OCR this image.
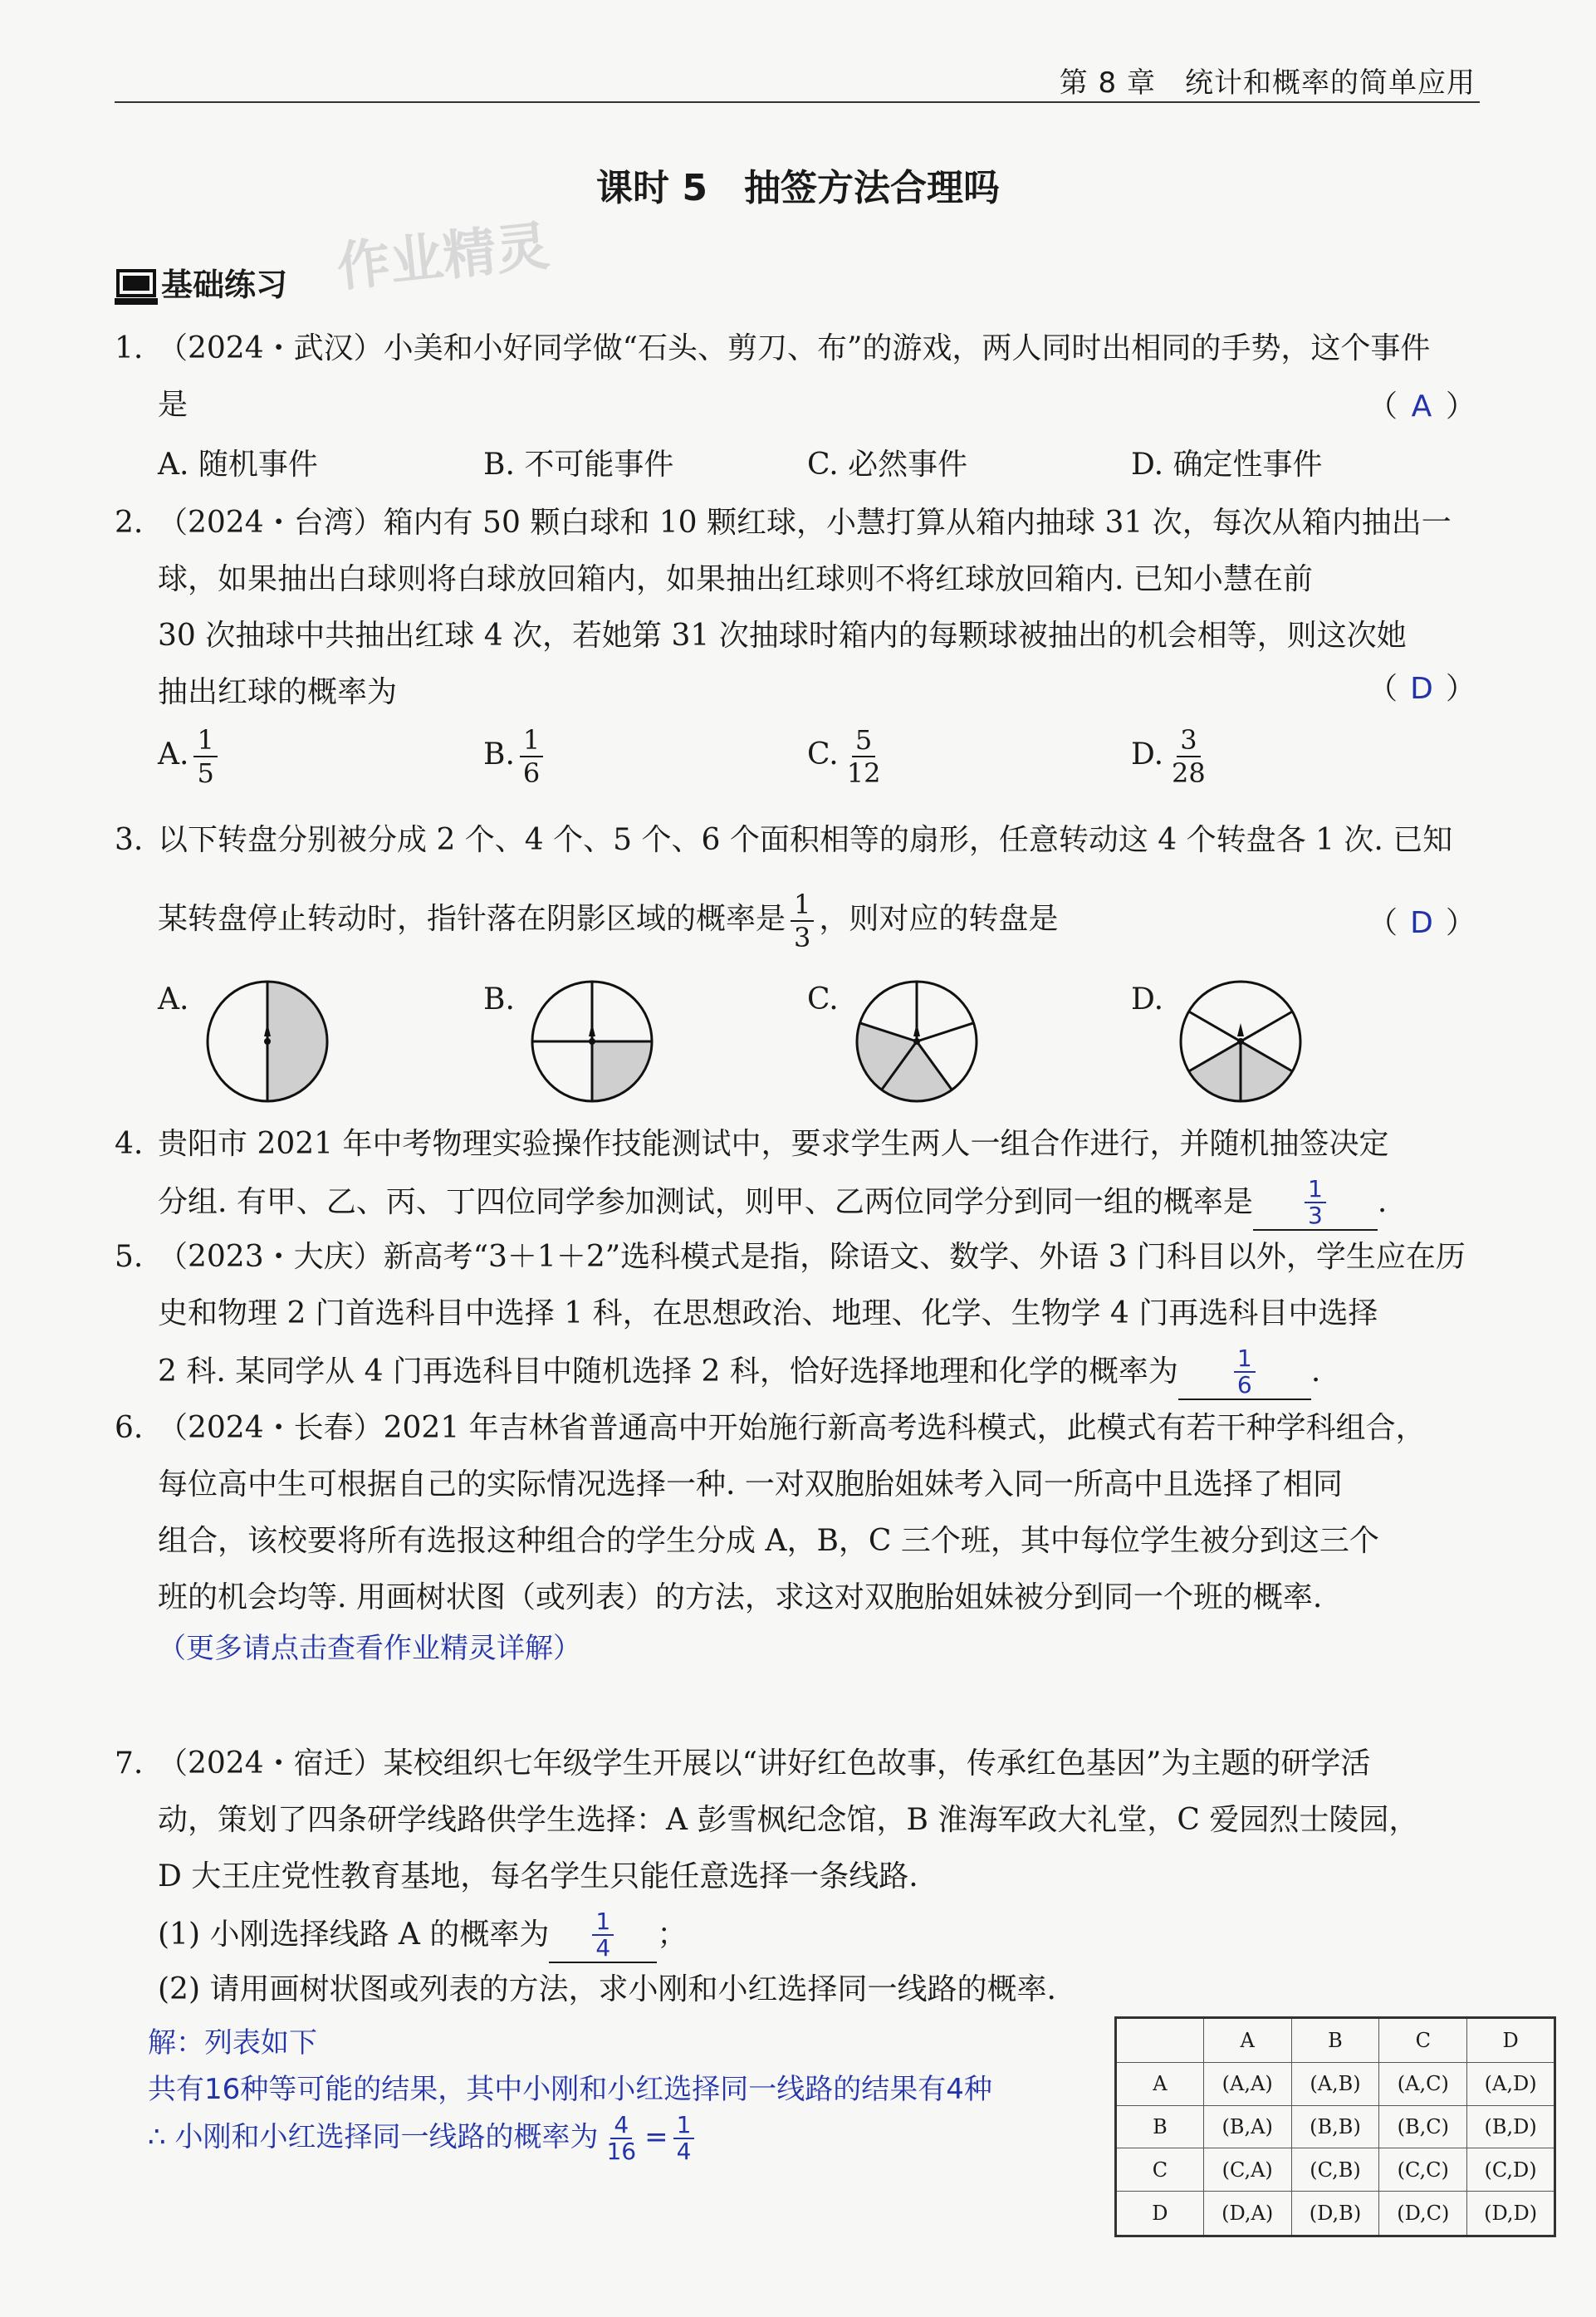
第 8 章　统计和概率的简单应用
课时 5　抽签方法合理吗
作业精灵
基础练习
1. （2024・武汉）小美和小好同学做“石头、剪刀、布”的游戏，两人同时出相同的手势，这个事件是	（ A ）
A. 随机事件	B. 不可能事件	C. 必然事件	D. 确定性事件
2. （2024・台湾）箱内有 50 颗白球和 10 颗红球，小慧打算从箱内抽球 31 次，每次从箱内抽出一
球，如果抽出白球则将白球放回箱内，如果抽出红球则不将红球放回箱内. 已知小慧在前
30 次抽球中共抽出红球 4 次，若她第 31 次抽球时箱内的每颗球被抽出的机会相等，则这次她
抽出红球的概率为	（ D ）
A. $\frac{1}{5}$	B. $\frac{1}{6}$	C. $\frac{5}{12}$	D. $\frac{3}{28}$
3. 以下转盘分别被分成 2 个、4 个、5 个、6 个面积相等的扇形，任意转动这 4 个转盘各 1 次. 已知
某转盘停止转动时，指针落在阴影区域的概率是 $\frac{1}{3}$ ，则对应的转盘是	（ D ）
A.	B.	C.	D.
4. 贵阳市 2021 年中考物理实验操作技能测试中，要求学生两人一组合作进行，并随机抽签决定
分组. 有甲、乙、丙、丁四位同学参加测试，则甲、乙两位同学分到同一组的概率是 $\frac{1}{3}$ .
5. （2023・大庆）新高考“3＋1＋2”选科模式是指，除语文、数学、外语 3 门科目以外，学生应在历
史和物理 2 门首选科目中选择 1 科，在思想政治、地理、化学、生物学 4 门再选科目中选择
2 科. 某同学从 4 门再选科目中随机选择 2 科，恰好选择地理和化学的概率为 $\frac{1}{6}$ .
6. （2024・长春）2021 年吉林省普通高中开始施行新高考选科模式，此模式有若干种学科组合，
每位高中生可根据自己的实际情况选择一种. 一对双胞胎姐妹考入同一所高中且选择了相同
组合，该校要将所有选报这种组合的学生分成 A，B，C 三个班，其中每位学生被分到这三个
班的机会均等. 用画树状图（或列表）的方法，求这对双胞胎姐妹被分到同一个班的概率.
（更多请点击查看作业精灵详解）
7. （2024・宿迁）某校组织七年级学生开展以“讲好红色故事，传承红色基因”为主题的研学活
动，策划了四条研学线路供学生选择：A 彭雪枫纪念馆，B 淮海军政大礼堂，C 爱园烈士陵园，
D 大王庄党性教育基地，每名学生只能任意选择一条线路.
(1) 小刚选择线路 A 的概率为 $\frac{1}{4}$ ；
(2) 请用画树状图或列表的方法，求小刚和小红选择同一线路的概率.
解：列表如下
共有16种等可能的结果，其中小刚和小红选择同一线路的结果有4种
∴ 小刚和小红选择同一线路的概率为 $\frac{4}{16} = \frac{1}{4}$
	A	B	C	D
A	(A,A)	(A,B)	(A,C)	(A,D)
B	(B,A)	(B,B)	(B,C)	(B,D)
C	(C,A)	(C,B)	(C,C)	(C,D)
D	(D,A)	(D,B)	(D,C)	(D,D)
